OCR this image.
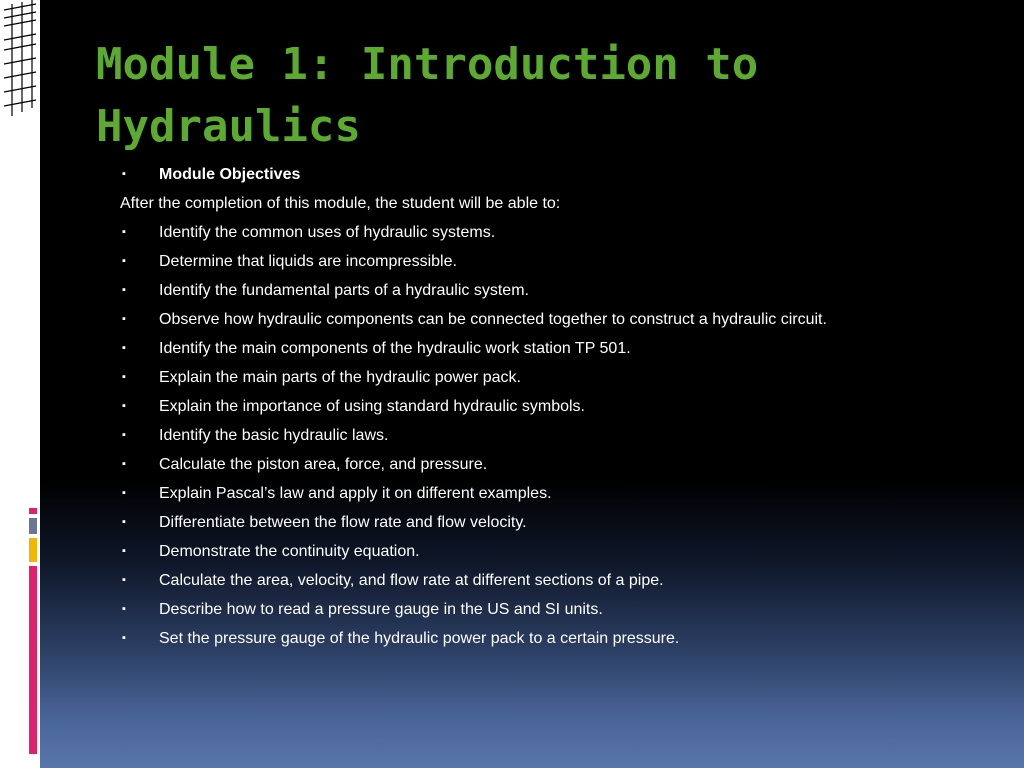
Module 1: Introduction to Hydraulics
▪ Module Objectives
After the completion of this module, the student will be able to:
▪ Identify the common uses of hydraulic systems.
▪ Determine that liquids are incompressible.
▪ Identify the fundamental parts of a hydraulic system.
▪ Observe how hydraulic components can be connected together to construct a hydraulic circuit.
▪ Identify the main components of the hydraulic work station TP 501.
▪ Explain the main parts of the hydraulic power pack.
▪ Explain the importance of using standard hydraulic symbols.
▪ Identify the basic hydraulic laws.
▪ Calculate the piston area, force, and pressure.
▪ Explain Pascal’s law and apply it on different examples.
▪ Differentiate between the flow rate and flow velocity.
▪ Demonstrate the continuity equation.
▪ Calculate the area, velocity, and flow rate at different sections of a pipe.
▪ Describe how to read a pressure gauge in the US and SI units.
▪ Set the pressure gauge of the hydraulic power pack to a certain pressure.
